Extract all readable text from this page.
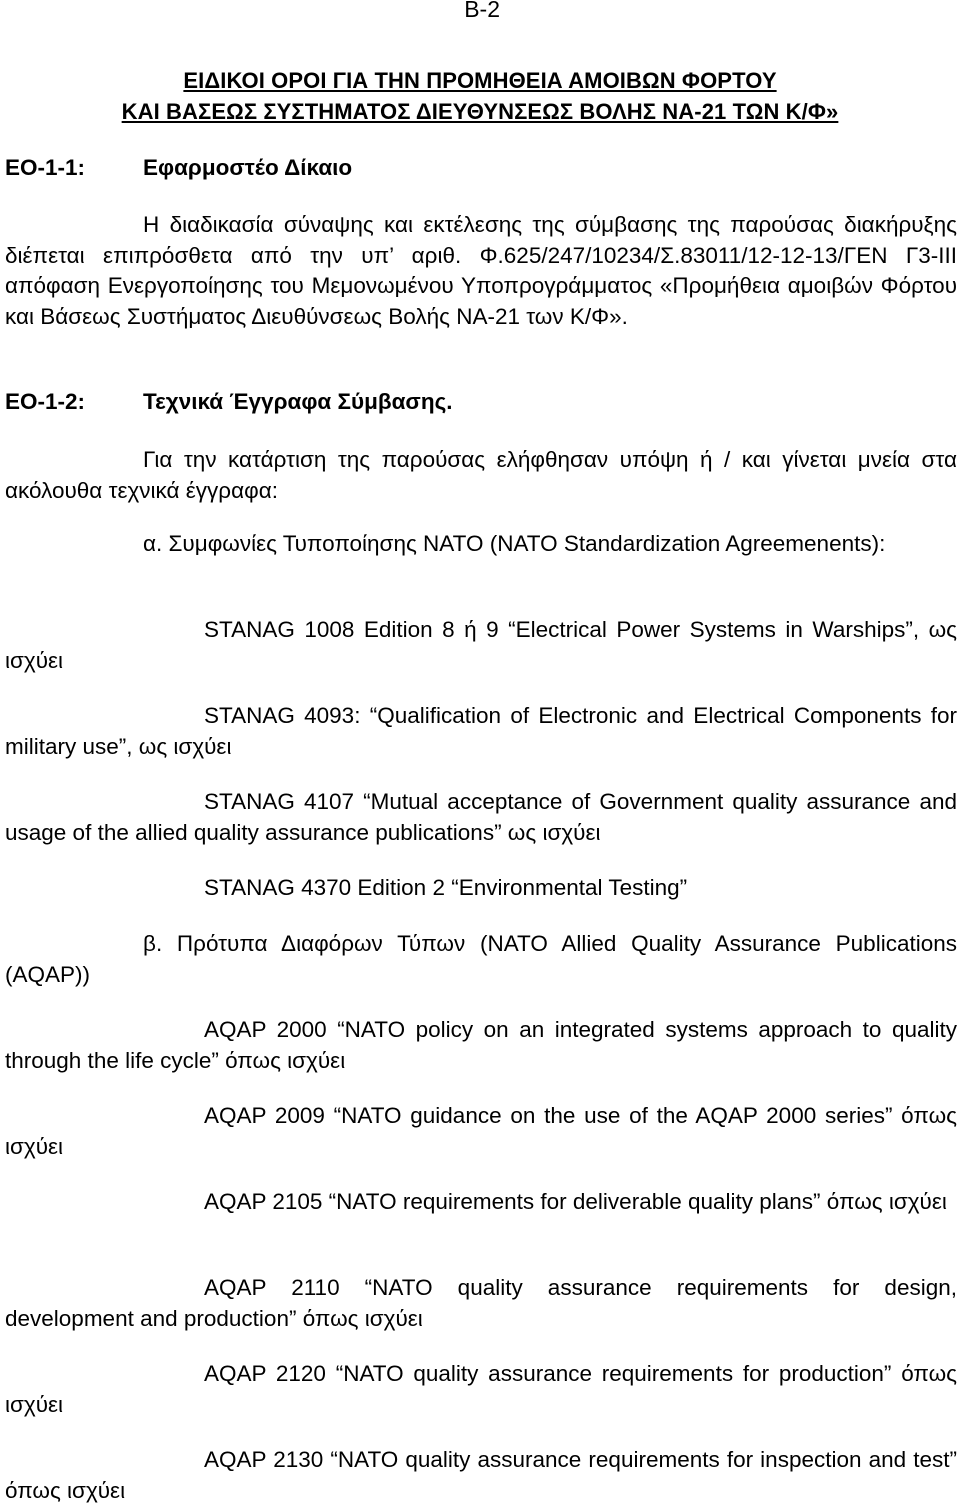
B-2
ΕΙΔΙΚΟΙ ΟΡΟΙ ΓΙΑ ΤΗΝ ΠΡΟΜΗΘΕΙΑ ΑΜΟΙΒΩΝ ΦΟΡΤΟΥ
ΚΑΙ ΒΑΣΕΩΣ ΣΥΣΤΗΜΑΤΟΣ ΔΙΕΥΘΥΝΣΕΩΣ ΒΟΛΗΣ ΝΑ-21 ΤΩΝ Κ/Φ»
ΕΟ-1-1:	Εφαρμοστέο Δίκαιο
Η διαδικασία σύναψης και εκτέλεσης της σύμβασης της παρούσας διακήρυξης διέπεται επιπρόσθετα από την υπ’ αριθ. Φ.625/247/10234/Σ.83011/12-12-13/ΓΕΝ Γ3-ΙΙΙ απόφαση Ενεργοποίησης του Μεμονωμένου Υποπρογράμματος «Προμήθεια αμοιβών Φόρτου και Βάσεως Συστήματος Διευθύνσεως Βολής ΝΑ-21 των Κ/Φ».
ΕΟ-1-2:	Τεχνικά Έγγραφα Σύμβασης.
Για την κατάρτιση της παρούσας ελήφθησαν υπόψη ή / και γίνεται μνεία στα ακόλουθα τεχνικά έγγραφα:
α. Συμφωνίες Τυποποίησης ΝΑΤΟ (NATO Standardization Agreemenents):
STANAG 1008 Edition 8 ή 9 “Electrical Power Systems in Warships”, ως ισχύει
STANAG 4093: “Qualification of Electronic and Electrical Components for military use”, ως ισχύει
STANAG 4107 “Mutual acceptance of Government quality assurance and usage of the allied quality assurance publications” ως ισχύει
STANAG 4370 Edition 2 “Environmental Testing”
β. Πρότυπα Διαφόρων Τύπων (NATO Allied Quality Assurance Publications (AQAP))
AQAP 2000 “NATO policy on an integrated systems approach to quality through the life cycle” όπως ισχύει
AQAP 2009 “NATO guidance on the use of the AQAP 2000 series” όπως ισχύει
AQAP 2105 “NATO requirements for deliverable quality plans” όπως ισχύει
AQAP 2110 “NATO quality assurance requirements for design, development and production” όπως ισχύει
AQAP 2120 “NATO quality assurance requirements for production” όπως ισχύει
AQAP 2130 “NATO quality assurance requirements for inspection and test” όπως ισχύει
